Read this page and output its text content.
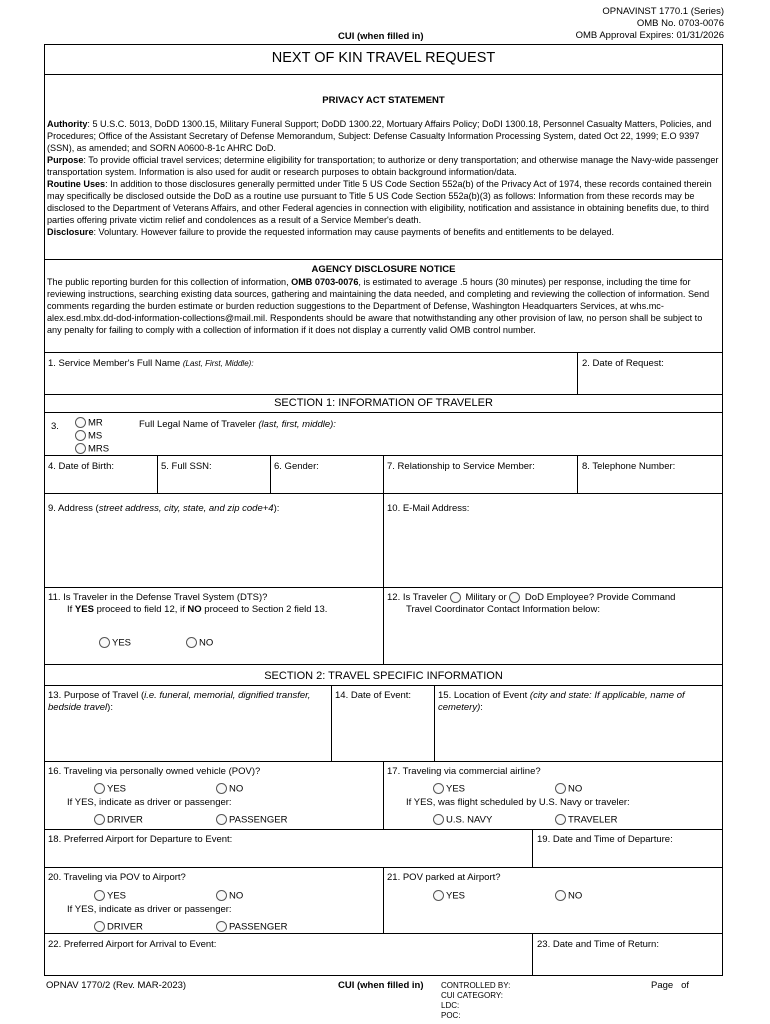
OPNAVINST 1770.1 (Series)
OMB No. 0703-0076
OMB Approval Expires: 01/31/2026
CUI (when filled in)
NEXT OF KIN TRAVEL REQUEST
PRIVACY ACT STATEMENT
Authority: 5 U.S.C. 5013, DoDD 1300.15, Military Funeral Support; DoDD 1300.22, Mortuary Affairs Policy; DoDI 1300.18, Personnel Casualty Matters, Policies, and Procedures; Office of the Assistant Secretary of Defense Memorandum, Subject: Defense Casualty Information Processing System, dated Oct 22, 1999; E.O 9397 (SSN), as amended; and SORN A0600-8-1c AHRC DoD.
Purpose: To provide official travel services; determine eligibility for transportation; to authorize or deny transportation; and otherwise manage the Navy-wide passenger transportation system. Information is also used for audit or research purposes to obtain background information/data.
Routine Uses: In addition to those disclosures generally permitted under Title 5 US Code Section 552a(b) of the Privacy Act of 1974, these records contained therein may specifically be disclosed outside the DoD as a routine use pursuant to Title 5 US Code Section 552a(b)(3) as follows: Information from these records may be disclosed to the Department of Veterans Affairs, and other Federal agencies in connection with eligibility, notification and assistance in obtaining benefits due, to third parties offering private victim relief and condolences as a result of a Service Member's death.
Disclosure: Voluntary. However failure to provide the requested information may cause payments of benefits and entitlements to be delayed.
AGENCY DISCLOSURE NOTICE
The public reporting burden for this collection of information, OMB 0703-0076, is estimated to average .5 hours (30 minutes) per response, including the time for reviewing instructions, searching existing data sources, gathering and maintaining the data needed, and completing and reviewing the collection of information. Send comments regarding the burden estimate or burden reduction suggestions to the Department of Defense, Washington Headquarters Services, at whs.mc-alex.esd.mbx.dd-dod-information-collections@mail.mil. Respondents should be aware that notwithstanding any other provision of law, no person shall be subject to any penalty for failing to comply with a collection of information if it does not display a currently valid OMB control number.
1. Service Member's Full Name (Last, First, Middle):	2. Date of Request:
SECTION 1: INFORMATION OF TRAVELER
3.	MR
MS
MRS
Full Legal Name of Traveler (last, first, middle):
4. Date of Birth:	5. Full SSN:	6. Gender:	7. Relationship to Service Member:	8. Telephone Number:
9. Address (street address, city, state, and zip code+4):	10. E-Mail Address:
11. Is Traveler in the Defense Travel System (DTS)?
If YES proceed to field 12, if NO proceed to Section 2 field 13.
YES	NO
12. Is Traveler  Military or  DoD Employee? Provide Command
Travel Coordinator Contact Information below:
SECTION 2: TRAVEL SPECIFIC INFORMATION
13. Purpose of Travel (i.e. funeral, memorial, dignified transfer, bedside travel):
14. Date of Event:	15. Location of Event (city and state: If applicable, name of cemetery):
16. Traveling via personally owned vehicle (POV)?
YES	NO
If YES, indicate as driver or passenger:
DRIVER	PASSENGER
17. Traveling via commercial airline?
YES	NO
If YES, was flight scheduled by U.S. Navy or traveler:
U.S. NAVY	TRAVELER
18. Preferred Airport for Departure to Event:	19. Date and Time of Departure:
20. Traveling via POV to Airport?
YES	NO
If YES, indicate as driver or passenger:
DRIVER	PASSENGER
21. POV parked at Airport?
YES	NO
22. Preferred Airport for Arrival to Event:	23. Date and Time of Return:
OPNAV 1770/2 (Rev. MAR-2023)	CUI (when filled in) CONTROLLED BY:
CUI CATEGORY:
LDC:
POC:
Page   of
